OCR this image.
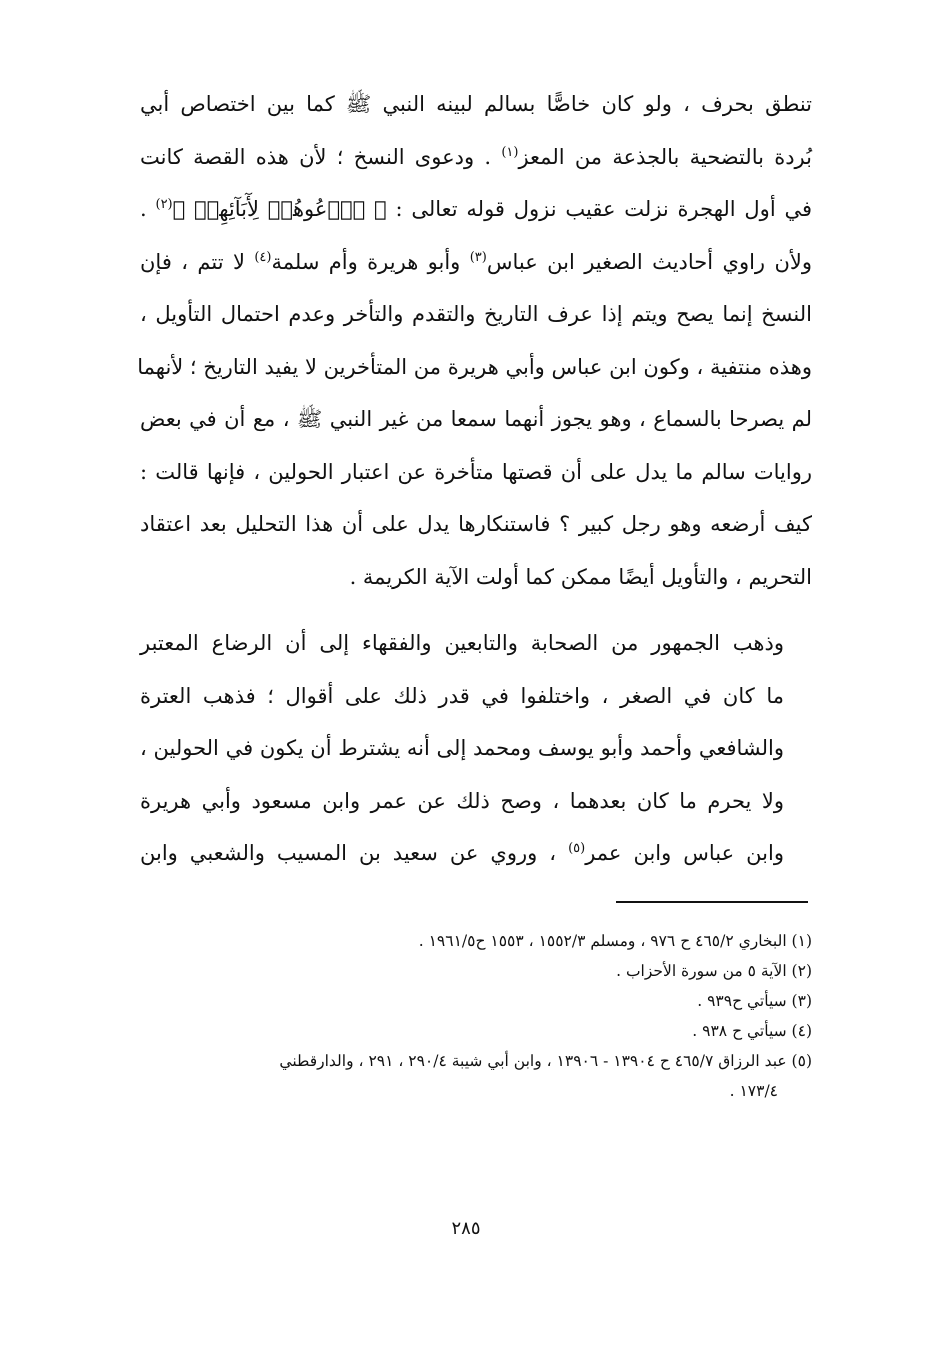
تنطق بحرف ، ولو كان خاصًّا بسالم لبينه النبي ﷺ كما بين اختصاص أبي
بُردة بالتضحية بالجذعة من المعز$^{(١)}$ . ودعوى النسخ ؛ لأن هذه القصة كانت
في أول الهجرة نزلت عقيب نزول قوله تعالى : ﴿ ٱدۡعُوهُمۡ لِأٓبَآئِهِمۡ ﴾$^{(٢)}$ .
ولأن راوي أحاديث الصغير ابن عباس$^{(٣)}$ وأبو هريرة وأم سلمة$^{(٤)}$ لا تتم ، فإن
النسخ إنما يصح ويتم إذا عرف التاريخ والتقدم والتأخر وعدم احتمال التأويل ،
وهذه منتفية ، وكون ابن عباس وأبي هريرة من المتأخرين لا يفيد التاريخ ؛ لأنهما
لم يصرحا بالسماع ، وهو يجوز أنهما سمعا من غير النبي ﷺ ، مع أن في بعض
روايات سالم ما يدل على أن قصتها متأخرة عن اعتبار الحولين ، فإنها قالت :
كيف أرضعه وهو رجل كبير ؟ فاستنكارها يدل على أن هذا التحليل بعد اعتقاد
التحريم ، والتأويل أيضًا ممكن كما أولت الآية الكريمة .

وذهب الجمهور من الصحابة والتابعين والفقهاء إلى أن الرضاع المعتبر
ما كان في الصغر ، واختلفوا في قدر ذلك على أقوال ؛ فذهب العترة
والشافعي وأحمد وأبو يوسف ومحمد إلى أنه يشترط أن يكون في الحولين ،
ولا يحرم ما كان بعدهما ، وصح ذلك عن عمر وابن مسعود وأبي هريرة
وابن عباس وابن عمر$^{(٥)}$ ، وروي عن سعيد بن المسيب والشعبي وابن

(١) البخاري ٤٦٥/٢ ح ٩٧٦ ، ومسلم ١٥٥٢/٣ ، ١٥٥٣ ح١٩٦١/٥ .
(٢) الآية ٥ من سورة الأحزاب .
(٣) سيأتي ح٩٣٩ .
(٤) سيأتي ح ٩٣٨ .
(٥) عبد الرزاق ٤٦٥/٧ ح ١٣٩٠٤ - ١٣٩٠٦ ، وابن أبي شيبة ٢٩٠/٤ ، ٢٩١ ، والدارقطني
١٧٣/٤ .
٢٨٥
